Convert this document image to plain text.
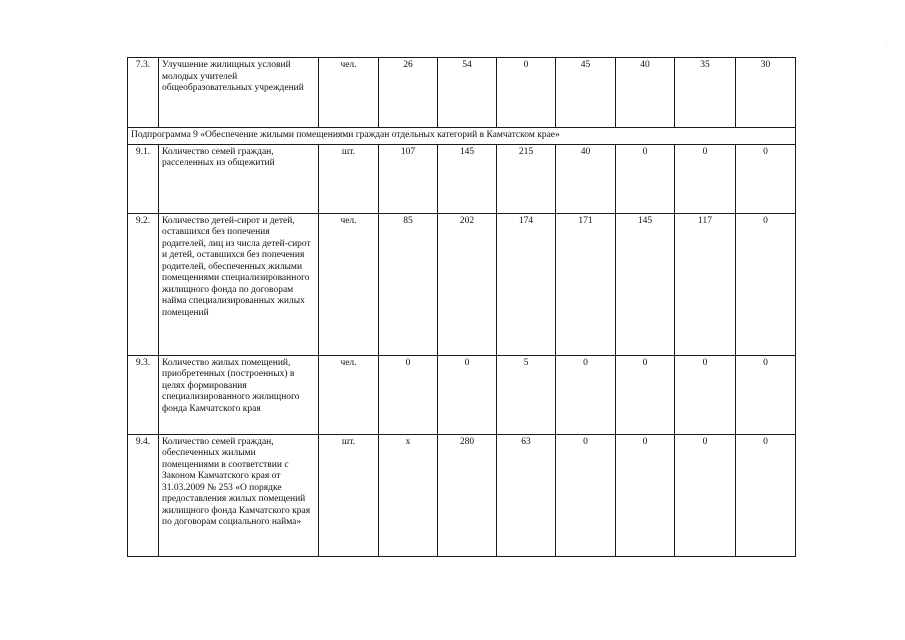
7.3.	Улучшение жилищных условий молодых учителей общеобразовательных учреждений	чел.	26	54	0	45	40	35	30
Подпрограмма 9 «Обеспечение жилыми помещениями граждан отдельных категорий в Камчатском крае»									
9.1.	Количество семей граждан, расселенных из общежитий	шт.	107	145	215	40	0	0	0
9.2.	Количество детей-сирот и детей, оставшихся без попечения родителей, лиц из числа детей-сирот и детей, оставшихся без попечения родителей, обеспеченных жилыми помещениями специализированного жилищного фонда по договорам найма специализированных жилых помещений	чел.	85	202	174	171	145	117	0
9.3.	Количество жилых помещений, приобретенных (построенных) в целях формирования специализированного жилищного фонда Камчатского края	чел.	0	0	5	0	0	0	0
9.4.	Количество семей граждан, обеспеченных жилыми помещениями в соответствии с Законом Камчатского края от 31.03.2009 № 253 «О порядке предоставления жилых помещений жилищного фонда Камчатского края по договорам социального найма»	шт.	х	280	63	0	0	0	0
·
·
